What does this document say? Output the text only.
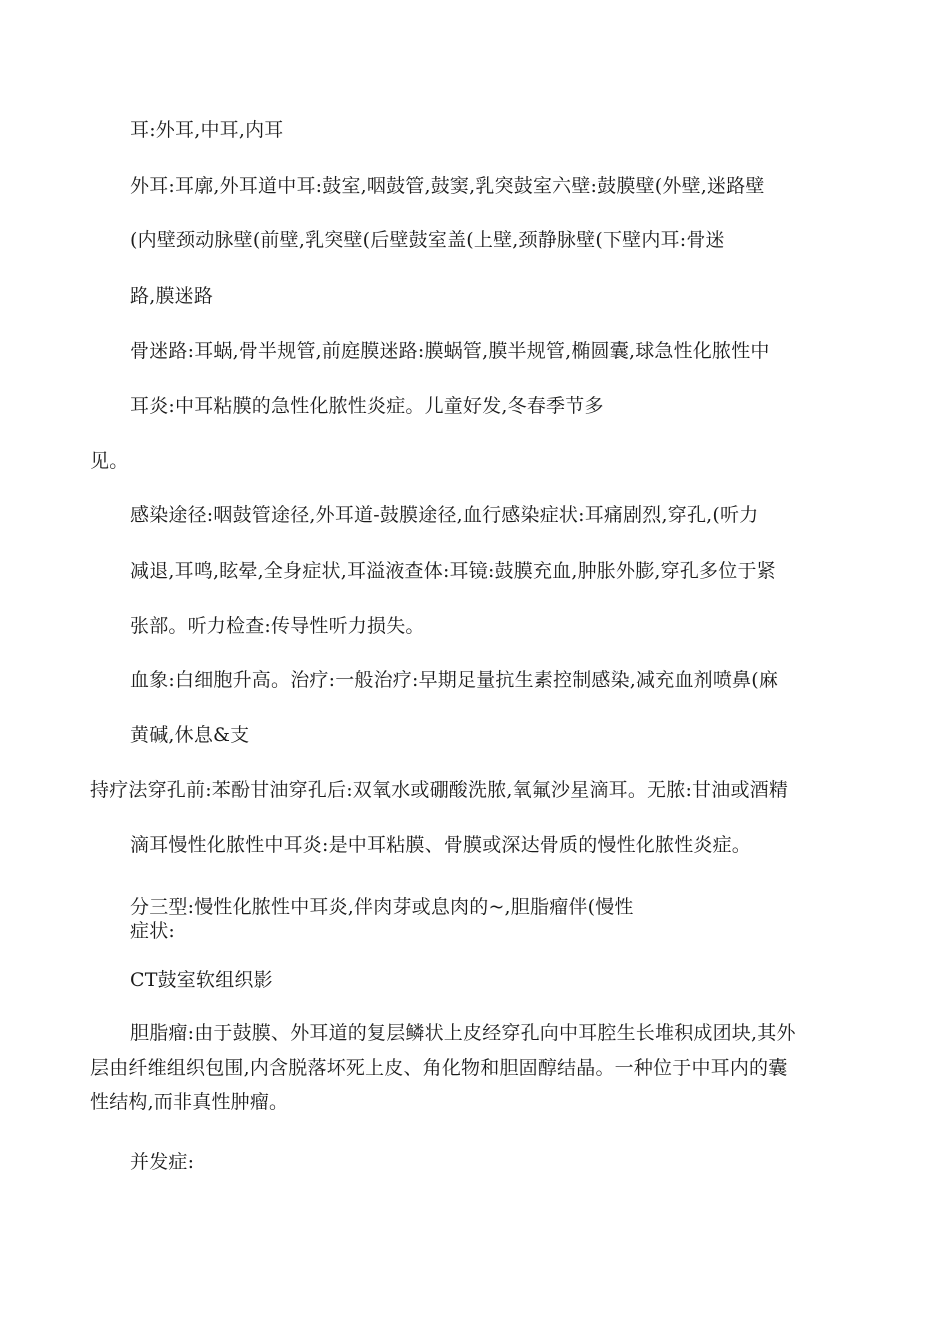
耳:外耳,中耳,内耳
外耳:耳廓,外耳道中耳:鼓室,咽鼓管,鼓窦,乳突鼓室六壁:鼓膜壁(外壁,迷路壁
(内壁颈动脉壁(前壁,乳突壁(后壁鼓室盖(上壁,颈静脉壁(下壁内耳:骨迷
路,膜迷路
骨迷路:耳蜗,骨半规管,前庭膜迷路:膜蜗管,膜半规管,椭圆囊,球急性化脓性中
耳炎:中耳粘膜的急性化脓性炎症。儿童好发,冬春季节多
见。
感染途径:咽鼓管途径,外耳道-鼓膜途径,血行感染症状:耳痛剧烈,穿孔,(听力
减退,耳鸣,眩晕,全身症状,耳溢液查体:耳镜:鼓膜充血,肿胀外膨,穿孔多位于紧
张部。听力检查:传导性听力损失。
血象:白细胞升高。治疗:一般治疗:早期足量抗生素控制感染,减充血剂喷鼻(麻
黄碱,休息&支
持疗法穿孔前:苯酚甘油穿孔后:双氧水或硼酸洗脓,氧氟沙星滴耳。无脓:甘油或酒精
滴耳慢性化脓性中耳炎:是中耳粘膜、骨膜或深达骨质的慢性化脓性炎症。
分三型:慢性化脓性中耳炎,伴肉芽或息肉的~,胆脂瘤伴(慢性
症状:
CT鼓室软组织影
胆脂瘤:由于鼓膜、外耳道的复层鳞状上皮经穿孔向中耳腔生长堆积成团块,其外
层由纤维组织包围,内含脱落坏死上皮、角化物和胆固醇结晶。一种位于中耳内的囊
性结构,而非真性肿瘤。
并发症:
